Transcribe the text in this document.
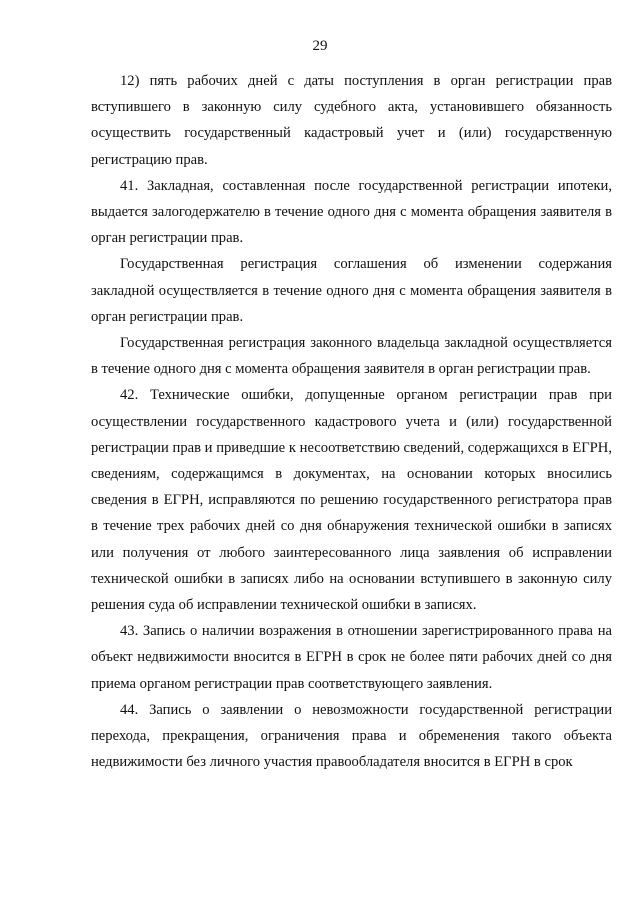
29

12) пять рабочих дней с даты поступления в орган регистрации прав вступившего в законную силу судебного акта, установившего обязанность осуществить государственный кадастровый учет и (или) государственную регистрацию прав.

41. Закладная, составленная после государственной регистрации ипотеки, выдается залогодержателю в течение одного дня с момента обращения заявителя в орган регистрации прав.

Государственная регистрация соглашения об изменении содержания закладной осуществляется в течение одного дня с момента обращения заявителя в орган регистрации прав.

Государственная регистрация законного владельца закладной осуществляется в течение одного дня с момента обращения заявителя в орган регистрации прав.

42. Технические ошибки, допущенные органом регистрации прав при осуществлении государственного кадастрового учета и (или) государственной регистрации прав и приведшие к несоответствию сведений, содержащихся в ЕГРН, сведениям, содержащимся в документах, на основании которых вносились сведения в ЕГРН, исправляются по решению государственного регистратора прав в течение трех рабочих дней со дня обнаружения технической ошибки в записях или получения от любого заинтересованного лица заявления об исправлении технической ошибки в записях либо на основании вступившего в законную силу решения суда об исправлении технической ошибки в записях.

43. Запись о наличии возражения в отношении зарегистрированного права на объект недвижимости вносится в ЕГРН в срок не более пяти рабочих дней со дня приема органом регистрации прав соответствующего заявления.

44. Запись о заявлении о невозможности государственной регистрации перехода, прекращения, ограничения права и обременения такого объекта недвижимости без личного участия правообладателя вносится в ЕГРН в срок
